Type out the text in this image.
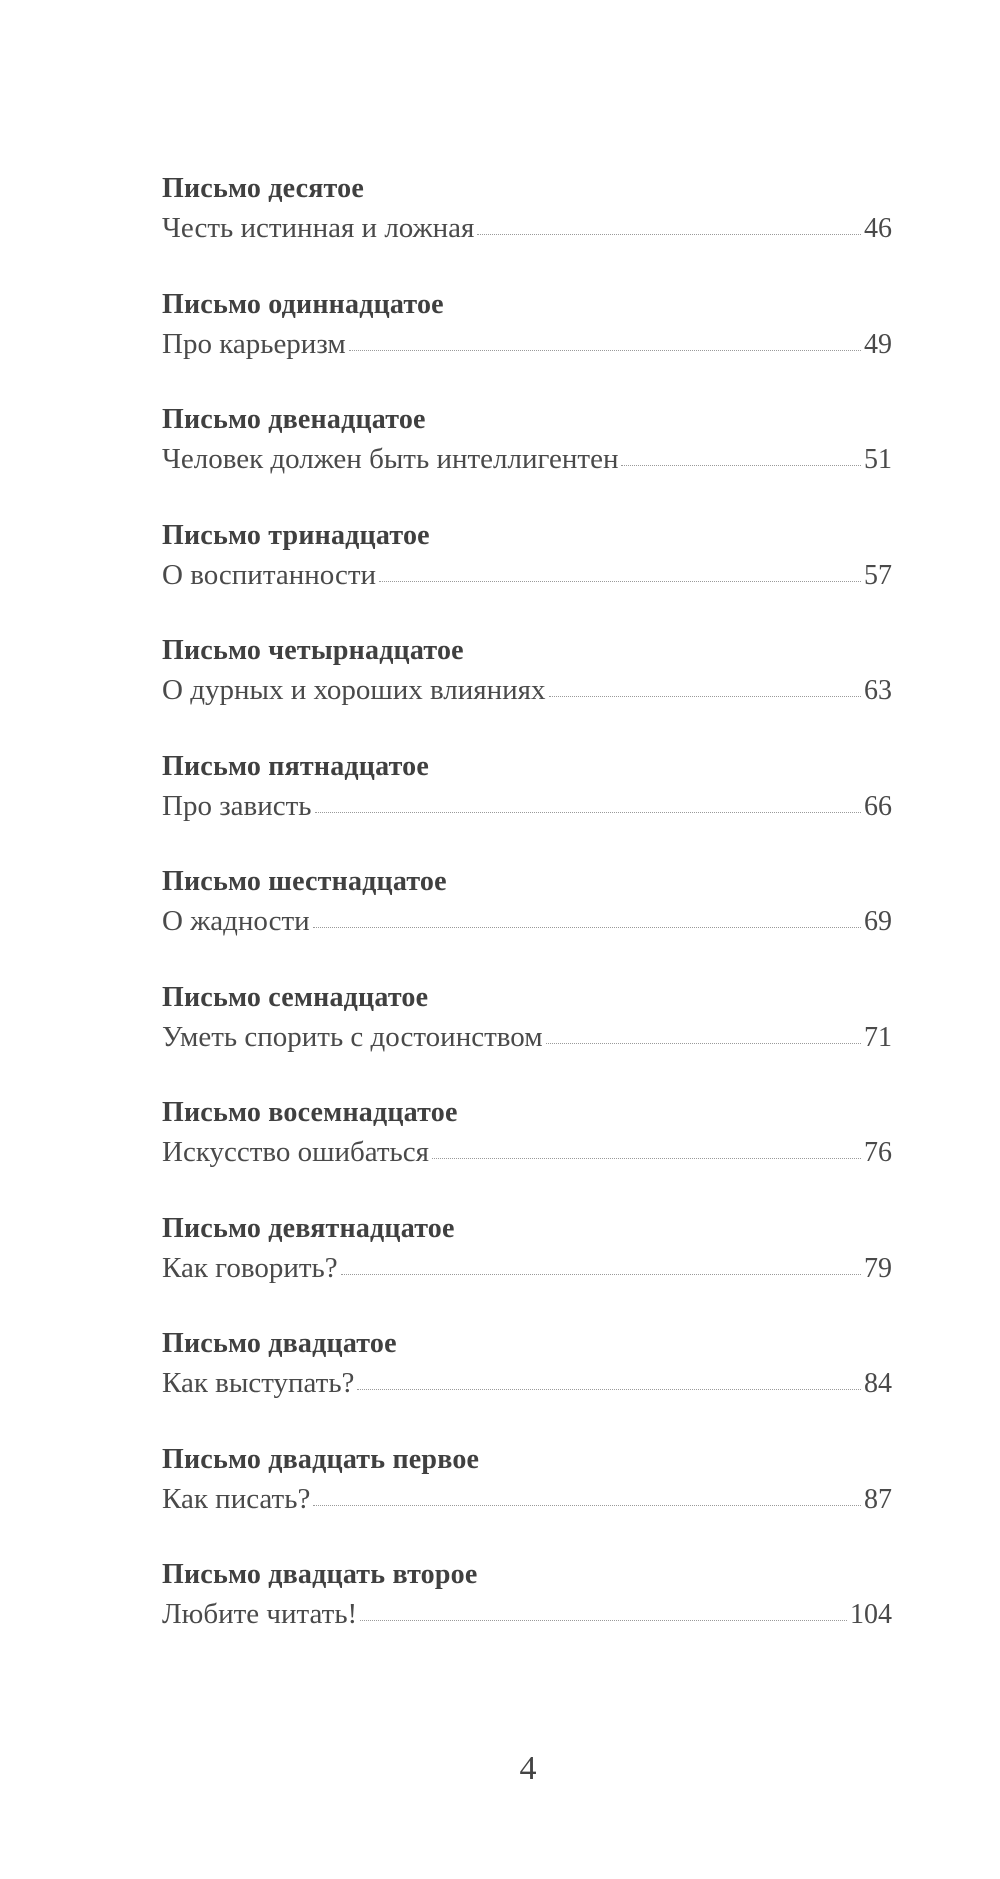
Письмо десятое
Честь истинная и ложная	46
Письмо одиннадцатое
Про карьеризм	49
Письмо двенадцатое
Человек должен быть интеллигентен	51
Письмо тринадцатое
О воспитанности	57
Письмо четырнадцатое
О дурных и хороших влияниях	63
Письмо пятнадцатое
Про зависть	66
Письмо шестнадцатое
О жадности	69
Письмо семнадцатое
Уметь спорить с достоинством	71
Письмо восемнадцатое
Искусство ошибаться	76
Письмо девятнадцатое
Как говорить?	79
Письмо двадцатое
Как выступать?	84
Письмо двадцать первое
Как писать?	87
Письмо двадцать второе
Любите читать!	104
4
